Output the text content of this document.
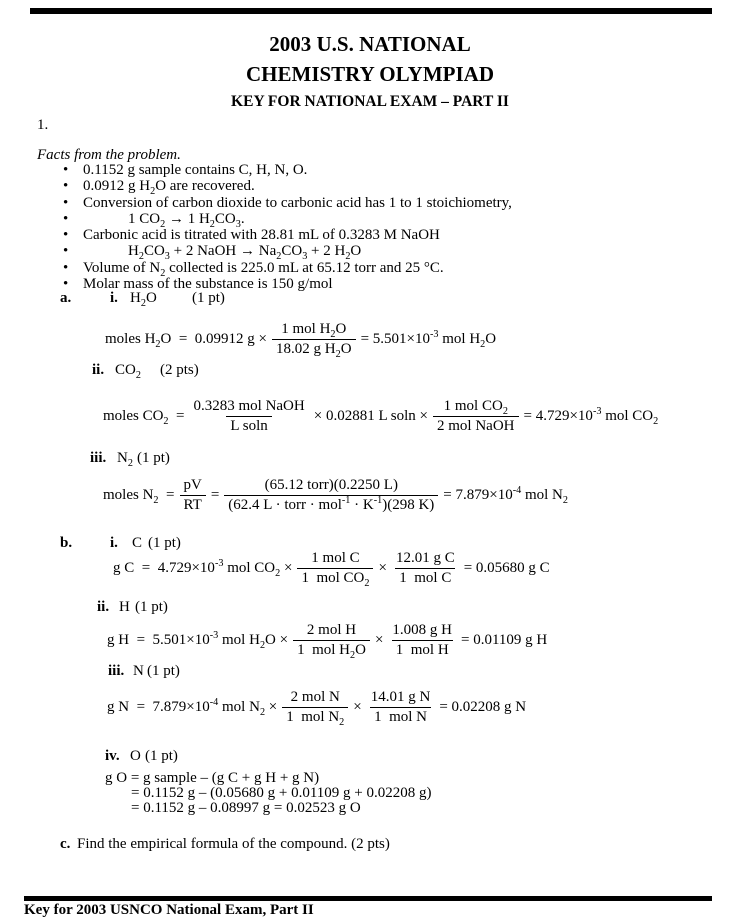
2003 U.S. NATIONAL
CHEMISTRY OLYMPIAD
KEY FOR NATIONAL EXAM – PART II
1.
Facts from the problem.
• 0.1152 g sample contains C, H, N, O.
• 0.0912 g $H_2O$ are recovered.
• Conversion of carbon dioxide to carbonic acid has 1 to 1 stoichiometry,
•	1 $CO_2 \to 1$ $H_2CO_3$.
• Carbonic acid is titrated with 28.81 mL of 0.3283 M NaOH
•	$H_2CO_3 + 2$ NaOH → $Na_2CO_3 + 2$ $H_2O$
• Volume of $N_2$ collected is 225.0 mL at 65.12 torr and 25 °C.
• Molar mass of the substance is 150 g/mol
a.	i. $H_2O$ (1 pt)
moles $H_2O = 0.09912$ $g \times \frac{1 mol H_2O}{18.02 g H_2O} = 5.501\times 10^{-3}$ mol $H_2O$
ii. $CO_2$ (2 pts)
moles $CO_2 = \frac{\text{0.3283 mol NaOH}}{\text{L soln}} \times 0.02881$ L $soln \times \frac{1 mol CO_2}{\text{2 mol NaOH}} = 4.729\times 10^{-3}$ mol $CO_2$
iii. $N_2$ (1 pt)
moles $N_2 = \frac{pV}{RT} = \frac{\text{(65.12 torr)(0.2250 L)}}{(62.4 L \cdot torr \cdot mol^{-1} \cdot K^{-1})(298 K)} = 7.879\times 10^{-4}$ mol $N_2$
b.	i. C (1 pt)
g $C = 4.729\times 10^{-3}$ mol $CO_2 \times \frac{\text{1 mol C}}{1 mol CO_2} \times \frac{\text{12.01 g C}}{\text{1  mol C}} = 0.05680$ g C
ii. H (1 pt)
g $H = 5.501\times 10^{-3}$ mol $H_2O \times \frac{\text{2 mol H}}{1 mol H_2O} \times \frac{\text{1.008 g H}}{\text{1  mol H}} = 0.01109$ g H
iii. N (1 pt)
g $N = 7.879\times 10^{-4}$ mol $N_2 \times \frac{\text{2 mol N}}{1 mol N_2} \times \frac{\text{14.01 g N}}{\text{1  mol N}} = 0.02208$ g N
iv. O (1 pt)
g O = g sample – (g C + g H + g N)
= 0.1152 g – (0.05680 g + 0.01109 g + 0.02208 g)
= 0.1152 g – 0.08997 g = 0.02523 g O
c. Find the empirical formula of the compound. (2 pts)
Key for 2003 USNCO National Exam, Part II
